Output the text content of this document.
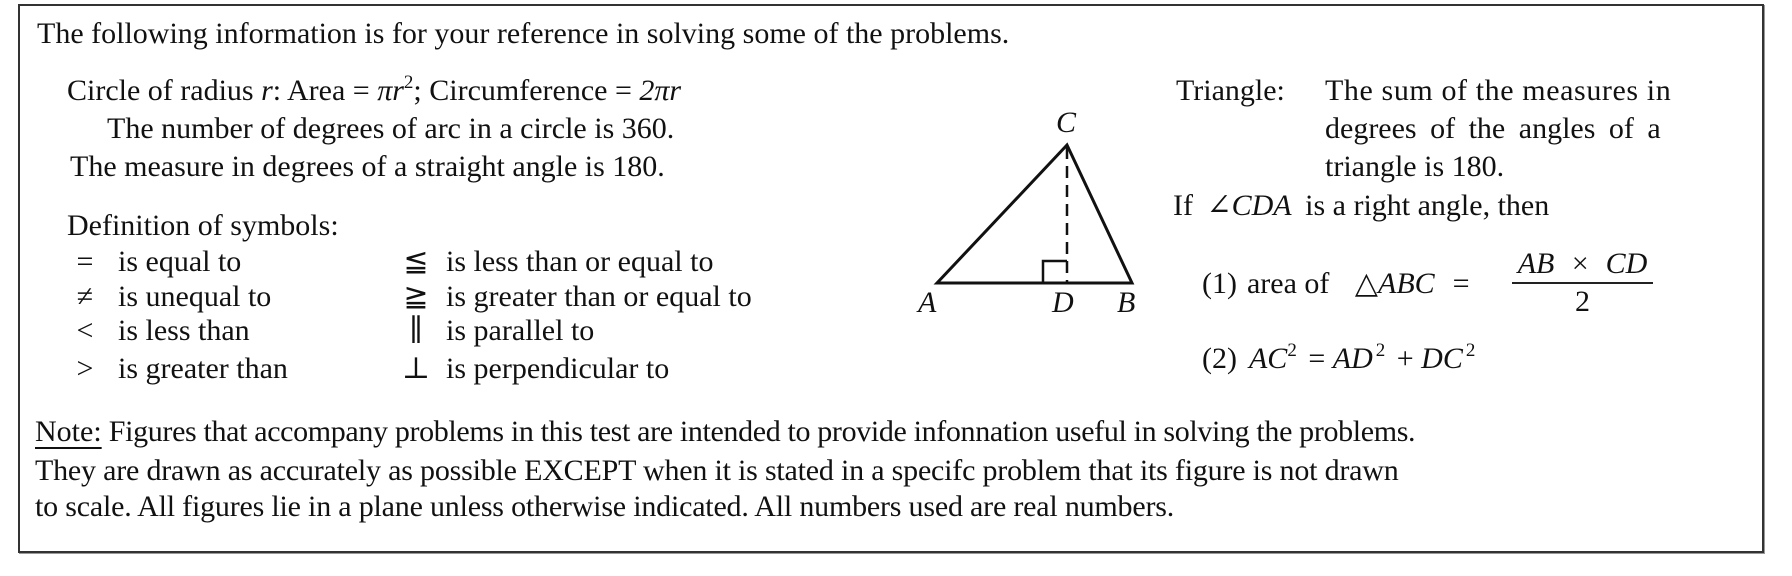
The following information is for your reference in solving some of the problems.
Circle of radius r: Area = $\pi r^2$; Circumference = 2πr
The number of degrees of arc in a circle is 360.
The measure in degrees of a straight angle is 180.
Definition of symbols:
= is equal to
≠ is unequal to
< is less than
> is greater than
≦ is less than or equal to
≧ is greater than or equal to
∥ is parallel to
⊥ is perpendicular to
C
A	D B
Triangle: The sum of the measures in
degrees of the angles of a
triangle is 180.
If ∠CDA is a right angle, then
(1) area of △ABC =
AB × CD
2
(2) $AC^2$ = AD $^2$ + DC $^2$
Note: Figures that accompany problems in this test are intended to provide infonnation useful in solving the problems.
They are drawn as accurately as possible EXCEPT when it is stated in a specifc problem that its figure is not drawn
to scale. All figures lie in a plane unless otherwise indicated. All numbers used are real numbers.
